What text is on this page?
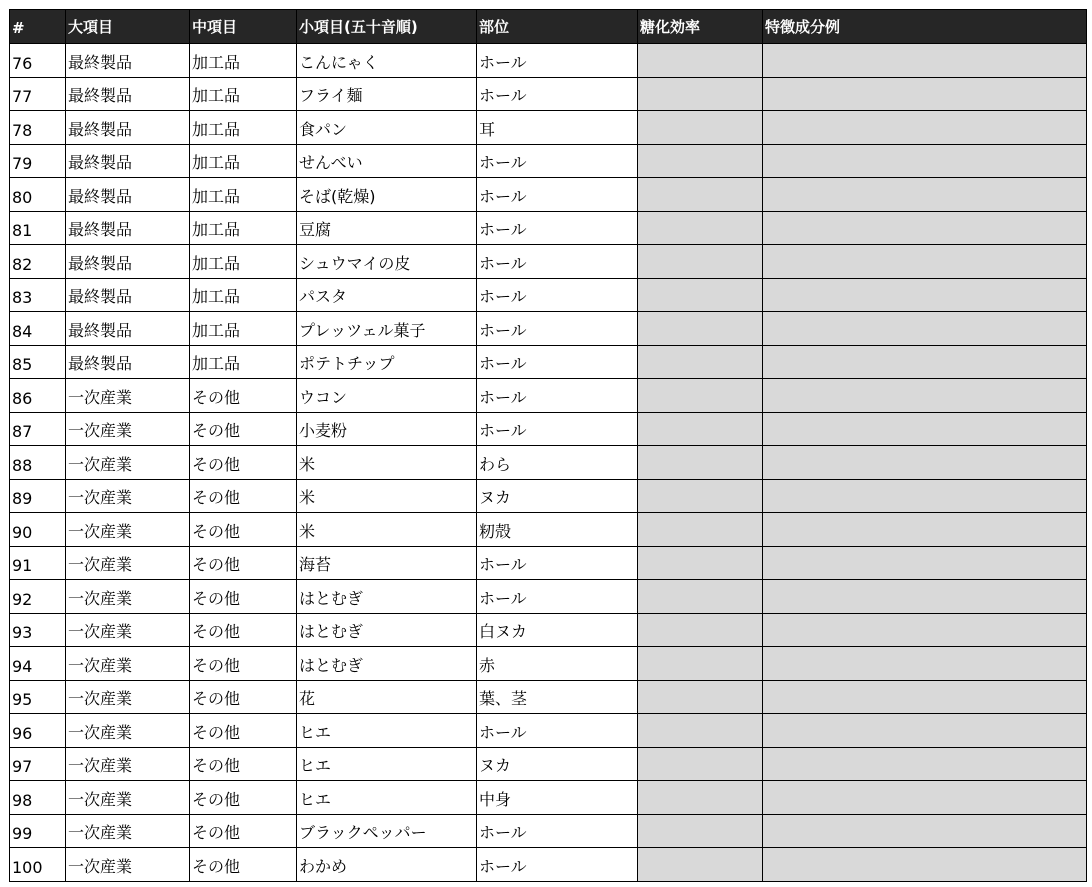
#	大項目	中項目	小項目(五十音順)	部位	糖化効率	特徴成分例
76	最終製品	加工品	こんにゃく	ホール		
77	最終製品	加工品	フライ麺	ホール		
78	最終製品	加工品	食パン	耳		
79	最終製品	加工品	せんべい	ホール		
80	最終製品	加工品	そば(乾燥)	ホール		
81	最終製品	加工品	豆腐	ホール		
82	最終製品	加工品	シュウマイの皮	ホール		
83	最終製品	加工品	パスタ	ホール		
84	最終製品	加工品	プレッツェル菓子	ホール		
85	最終製品	加工品	ポテトチップ	ホール		
86	一次産業	その他	ウコン	ホール		
87	一次産業	その他	小麦粉	ホール		
88	一次産業	その他	米	わら		
89	一次産業	その他	米	ヌカ		
90	一次産業	その他	米	籾殻		
91	一次産業	その他	海苔	ホール		
92	一次産業	その他	はとむぎ	ホール		
93	一次産業	その他	はとむぎ	白ヌカ		
94	一次産業	その他	はとむぎ	赤		
95	一次産業	その他	花	葉、茎		
96	一次産業	その他	ヒエ	ホール		
97	一次産業	その他	ヒエ	ヌカ		
98	一次産業	その他	ヒエ	中身		
99	一次産業	その他	ブラックペッパー	ホール		
100	一次産業	その他	わかめ	ホール		
